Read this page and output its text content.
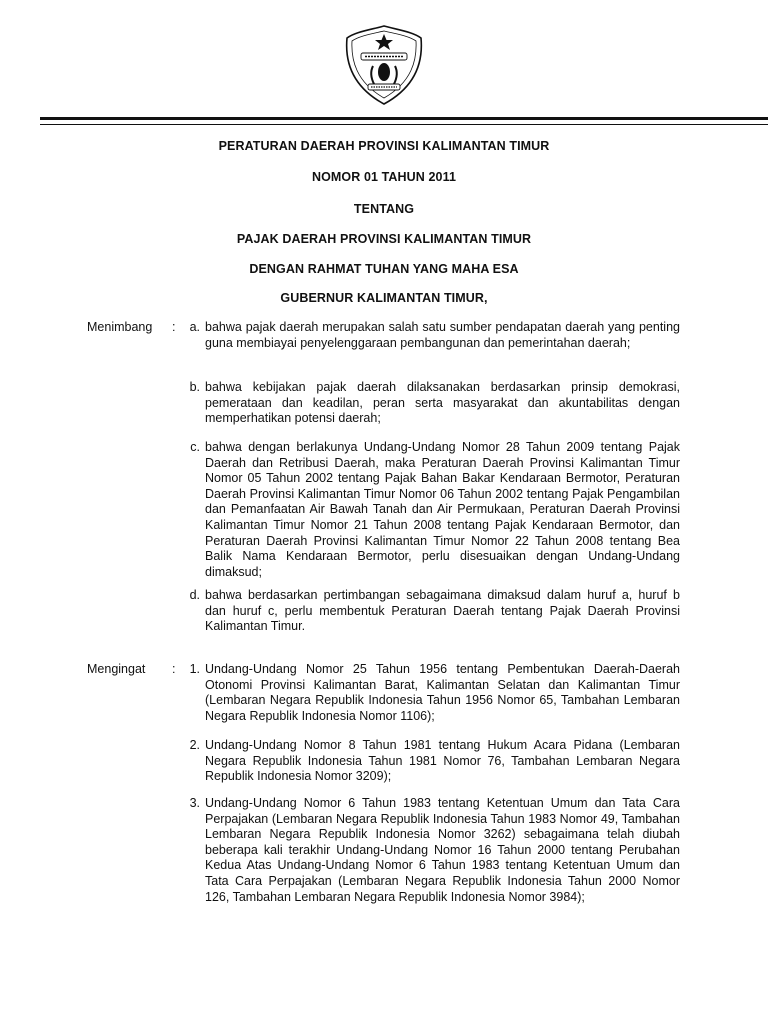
PERATURAN DAERAH PROVINSI KALIMANTAN TIMUR
NOMOR 01 TAHUN 2011
TENTANG
PAJAK DAERAH PROVINSI KALIMANTAN TIMUR
DENGAN RAHMAT TUHAN YANG MAHA ESA
GUBERNUR KALIMANTAN TIMUR,
Menimbang :	a. bahwa pajak daerah merupakan salah satu sumber pendapatan daerah yang penting guna membiayai penyelenggaraan pembangunan dan pemerintahan daerah;
b. bahwa kebijakan pajak daerah dilaksanakan berdasarkan prinsip demokrasi, pemerataan dan keadilan, peran serta masyarakat dan akuntabilitas dengan memperhatikan potensi daerah;
c. bahwa dengan berlakunya Undang-Undang Nomor 28 Tahun 2009 tentang Pajak Daerah dan Retribusi Daerah, maka Peraturan Daerah Provinsi Kalimantan Timur Nomor 05 Tahun 2002 tentang Pajak Bahan Bakar Kendaraan Bermotor, Peraturan Daerah Provinsi Kalimantan Timur Nomor 06 Tahun 2002 tentang Pajak Pengambilan dan Pemanfaatan Air Bawah Tanah dan Air Permukaan, Peraturan Daerah Provinsi Kalimantan Timur Nomor 21 Tahun 2008 tentang Pajak Kendaraan Bermotor, dan Peraturan Daerah Provinsi Kalimantan Timur Nomor 22 Tahun 2008 tentang Bea Balik Nama Kendaraan Bermotor, perlu disesuaikan dengan Undang-Undang dimaksud;
d. bahwa berdasarkan pertimbangan sebagaimana dimaksud dalam huruf a, huruf b dan huruf c, perlu membentuk Peraturan Daerah tentang Pajak Daerah Provinsi Kalimantan Timur.
Mengingat :	1. Undang-Undang Nomor 25 Tahun 1956 tentang Pembentukan Daerah-Daerah Otonomi Provinsi Kalimantan Barat, Kalimantan Selatan dan Kalimantan Timur (Lembaran Negara Republik Indonesia Tahun 1956 Nomor 65, Tambahan Lembaran Negara Republik Indonesia Nomor 1106);
2. Undang-Undang Nomor 8 Tahun 1981 tentang Hukum Acara Pidana (Lembaran Negara Republik Indonesia Tahun 1981 Nomor 76, Tambahan Lembaran Negara Republik Indonesia Nomor 3209);
3. Undang-Undang Nomor 6 Tahun 1983 tentang Ketentuan Umum dan Tata Cara Perpajakan (Lembaran Negara Republik Indonesia Tahun 1983 Nomor 49, Tambahan Lembaran Negara Republik Indonesia Nomor 3262) sebagaimana telah diubah beberapa kali terakhir Undang-Undang Nomor 16 Tahun 2000 tentang Perubahan Kedua Atas Undang-Undang Nomor 6 Tahun 1983 tentang Ketentuan Umum dan Tata Cara Perpajakan (Lembaran Negara Republik Indonesia Tahun 2000 Nomor 126, Tambahan Lembaran Negara Republik Indonesia Nomor 3984);
